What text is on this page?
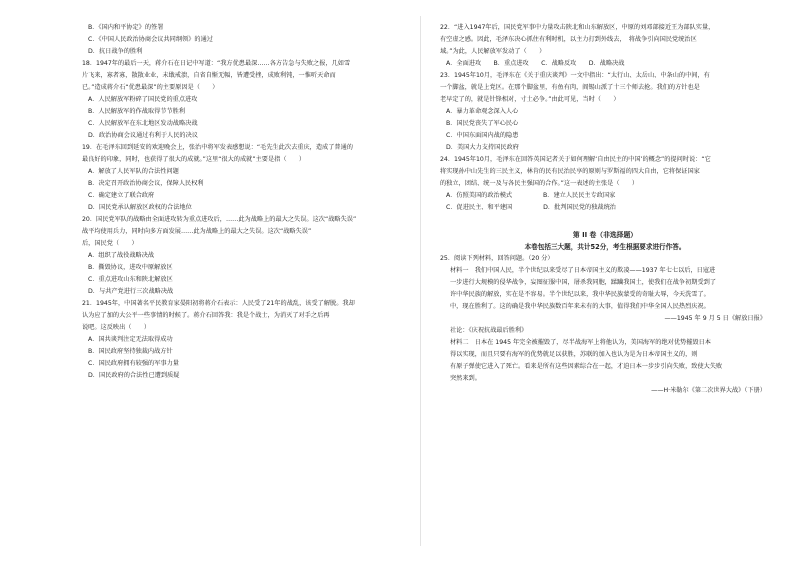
B．《国内和平协定》的签署
C．《中国人民政治协商会议共同纲领》的通过
D．抗日战争的胜利
18．1947年的最后一天，蒋介石在日记中写道：“我方优患最深……各方告急与失败之报，几如雪
片飞来，寡者寡，散散业业，未戢戒溃，自省自惭无幅，皆遭受挫，成败利钝，一惟听天命而
已。”造成蒋介石“优患最深”的主要原因是（　　）
A．人民解放军粉碎了国民党的重点进攻
B．人民解放军的作战取得节节胜利
C．人民解放军在东北地区发动战略决战
D．政治协商会议通过有利于人民的决议
19．在毛泽东回到延安的欢迎晚会上，张治中将军发表感想说：“毛先生此次去重庆，造成了普通的
最良好的印象，同时，也获得了很大的成就。”这里“很大的成就”主要是指（　　）
A．解放了人民军队的合法性问题
B．决定召开政治协商会议，保障人民权利
C．确定建立了联合政府
D．国民党承认解放区政权的合法地位
20．国民党军队的战略由全面进攻转为重点进攻后，……此为战略上的最大之失误。这次“战略失误”
战平均使用兵力，同时向多方面发展……此为战略上的最大之失误。这次“战略失误”
后，国民党（　　）
A．组织了战役战略决战
B．撕毁协议，进攻中原解放区
C．重点进攻山东和陕北解放区
D．与共产党进行三次战略决战
21．1945年，中国著名平民教育家晏阳初将蒋介石表示：人民受了21年的战乱，该受了解脱。我却
认为应了加的大公平一些事情的时候了。蒋介石回答我：我是个战士，为消灭了对手之后再
说吧。这反映出（　　）
A．国共谈判注定无法取得成功
B．国民政府坚持独裁内战方针
C．国民政府拥有较强的军事力量
D．国民政府的合法性已遭到质疑
22．“进入1947年后，国民党军事中力量攻击陕北和山东解放区，中原的刘邓部接近王为部队实量，
有空虚之感。因此，毛泽东决心抓住有利时机，以主力打到外线去，　将战争引向国民党统治区
域。”为此，人民解放军发动了（　　）
A．全面进攻　　B．重点进攻　　C．战略反攻　　D．战略决战
23．1945年10月，毛泽东在《关于重庆谈判》一文中指出：“太行山、太岳山、中条山的中间，有
一个脚盆，就是上党区。在那个脚盆里，有鱼有肉，阎锡山派了十三个师去抢。我们的方针也是
老早定了的，就是针锋相对，寸土必争。”由此可见，当时（　　）
A．暴力革命观念深入人心
B．国民党丧失了军心民心
C．中国东面国内战的隐患
D．美国大力支持国民政府
24．1945年10月，毛泽东在回答英国记者关于如何理解‘自由民主的中国’的概念”的提问时说：“它
将实现孙中山先生的三民主义，林肯的民有民治民享的原则与罗斯福的四大自由，它将保证国家
的独立，团结、统一及与各民主强国的合作。”这一表述的主张是（　　）
A．仿照美国的政治模式　　　　　B．建立人民民主专政国家
C．促进民主、和平建国　　　　　D．批判国民党的独裁统治
第 II 卷（非选择题）
本卷包括三大题，共计52分，考生根据要求进行作答。
25．阅读下列材料，回答问题。（20 分）
材料一　我们中国人民，半个世纪以来受尽了日本帝国主义的欺凌——1937 年七七以后，日寇进
一步进行大规模的侵华战争，妄图征服中国，屠杀我同胞，蹂躏我国土，使我们在战争初期受到了
许中华民族的解放，实在是不容易。半个世纪以来，我中华民族蒙受的奇耻大辱，今天洗雪了。
中，现在胜利了。这的确是我中华民族数百年来未有的大事，值得我们中华全国人民热烈庆祝。
——1945 年 9 月 5 日《解放日报》
社论：《庆祝抗战最后胜利》
材料二　日本在 1945 年完全被摧毁了，尽半战海军上将他认为，美国海军的绝对优势摧毁日本
得以实现，而且只要有海军的优势就足以获胜，苏联的加入也认为是为日本帝国主义的，则
有原子弹使它进入了死亡。看来是所有这些因素综合在一起，才迫日本一步步引向失败，致使大失败
突然来到。
——H·米勒尔《第二次世界大战》（下册）
